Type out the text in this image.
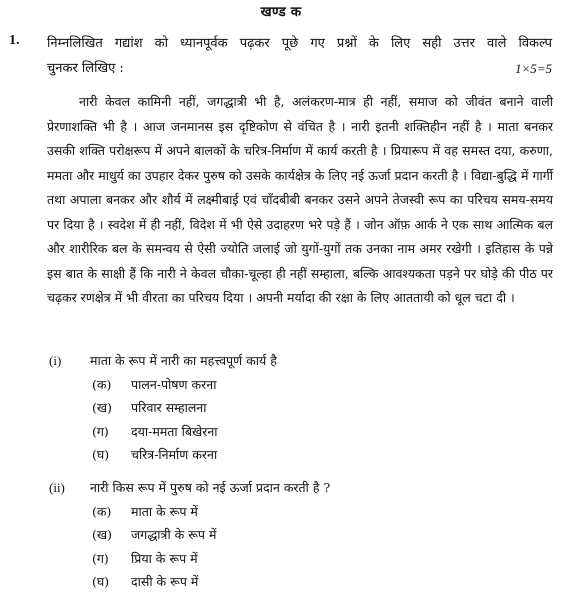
खण्ड क
1. निम्नलिखित गद्यांश को ध्यानपूर्वक पढ़कर पूछे गए प्रश्नों के लिए सही उत्तर वाले विकल्प
चुनकर लिखिए :	1×5=5
नारी केवल कामिनी नहीं, जगद्धात्री भी है, अलंकरण-मात्र ही नहीं, समाज को जीवंत बनाने वाली प्रेरणाशक्ति भी है । आज जनमानस इस दृष्टिकोण से वंचित है । नारी इतनी शक्तिहीन नहीं है । माता बनकर उसकी शक्ति परोक्षरूप में अपने बालकों के चरित्र-निर्माण में कार्य करती है । प्रियारूप में वह समस्त दया, करुणा, ममता और माधुर्य का उपहार देकर पुरुष को उसके कार्यक्षेत्र के लिए नई ऊर्जा प्रदान करती है । विद्या-बुद्धि में गार्गी तथा अपाला बनकर और शौर्य में लक्ष्मीबाई एवं चाँदबीबी बनकर उसने अपने तेजस्वी रूप का परिचय समय-समय पर दिया है । स्वदेश में ही नहीं, विदेश में भी ऐसे उदाहरण भरे पड़े हैं । जोन ऑफ़ आर्क ने एक साथ आत्मिक बल और शारीरिक बल के समन्वय से ऐसी ज्योति जलाई जो युगों-युगों तक उनका नाम अमर रखेगी । इतिहास के पन्ने इस बात के साक्षी हैं कि नारी ने केवल चौका-चूल्हा ही नहीं सम्हाला, बल्कि आवश्यकता पड़ने पर घोड़े की पीठ पर चढ़कर रणक्षेत्र में भी वीरता का परिचय दिया । अपनी मर्यादा की रक्षा के लिए आततायी को धूल चटा दी ।
(i) माता के रूप में नारी का महत्त्वपूर्ण कार्य है
(क) पालन-पोषण करना
(ख) परिवार सम्हालना
(ग) दया-ममता बिखेरना
(घ) चरित्र-निर्माण करना
(ii) नारी किस रूप में पुरुष को नई ऊर्जा प्रदान करती है ?
(क) माता के रूप में
(ख) जगद्धात्री के रूप में
(ग) प्रिया के रूप में
(घ) दासी के रूप में
